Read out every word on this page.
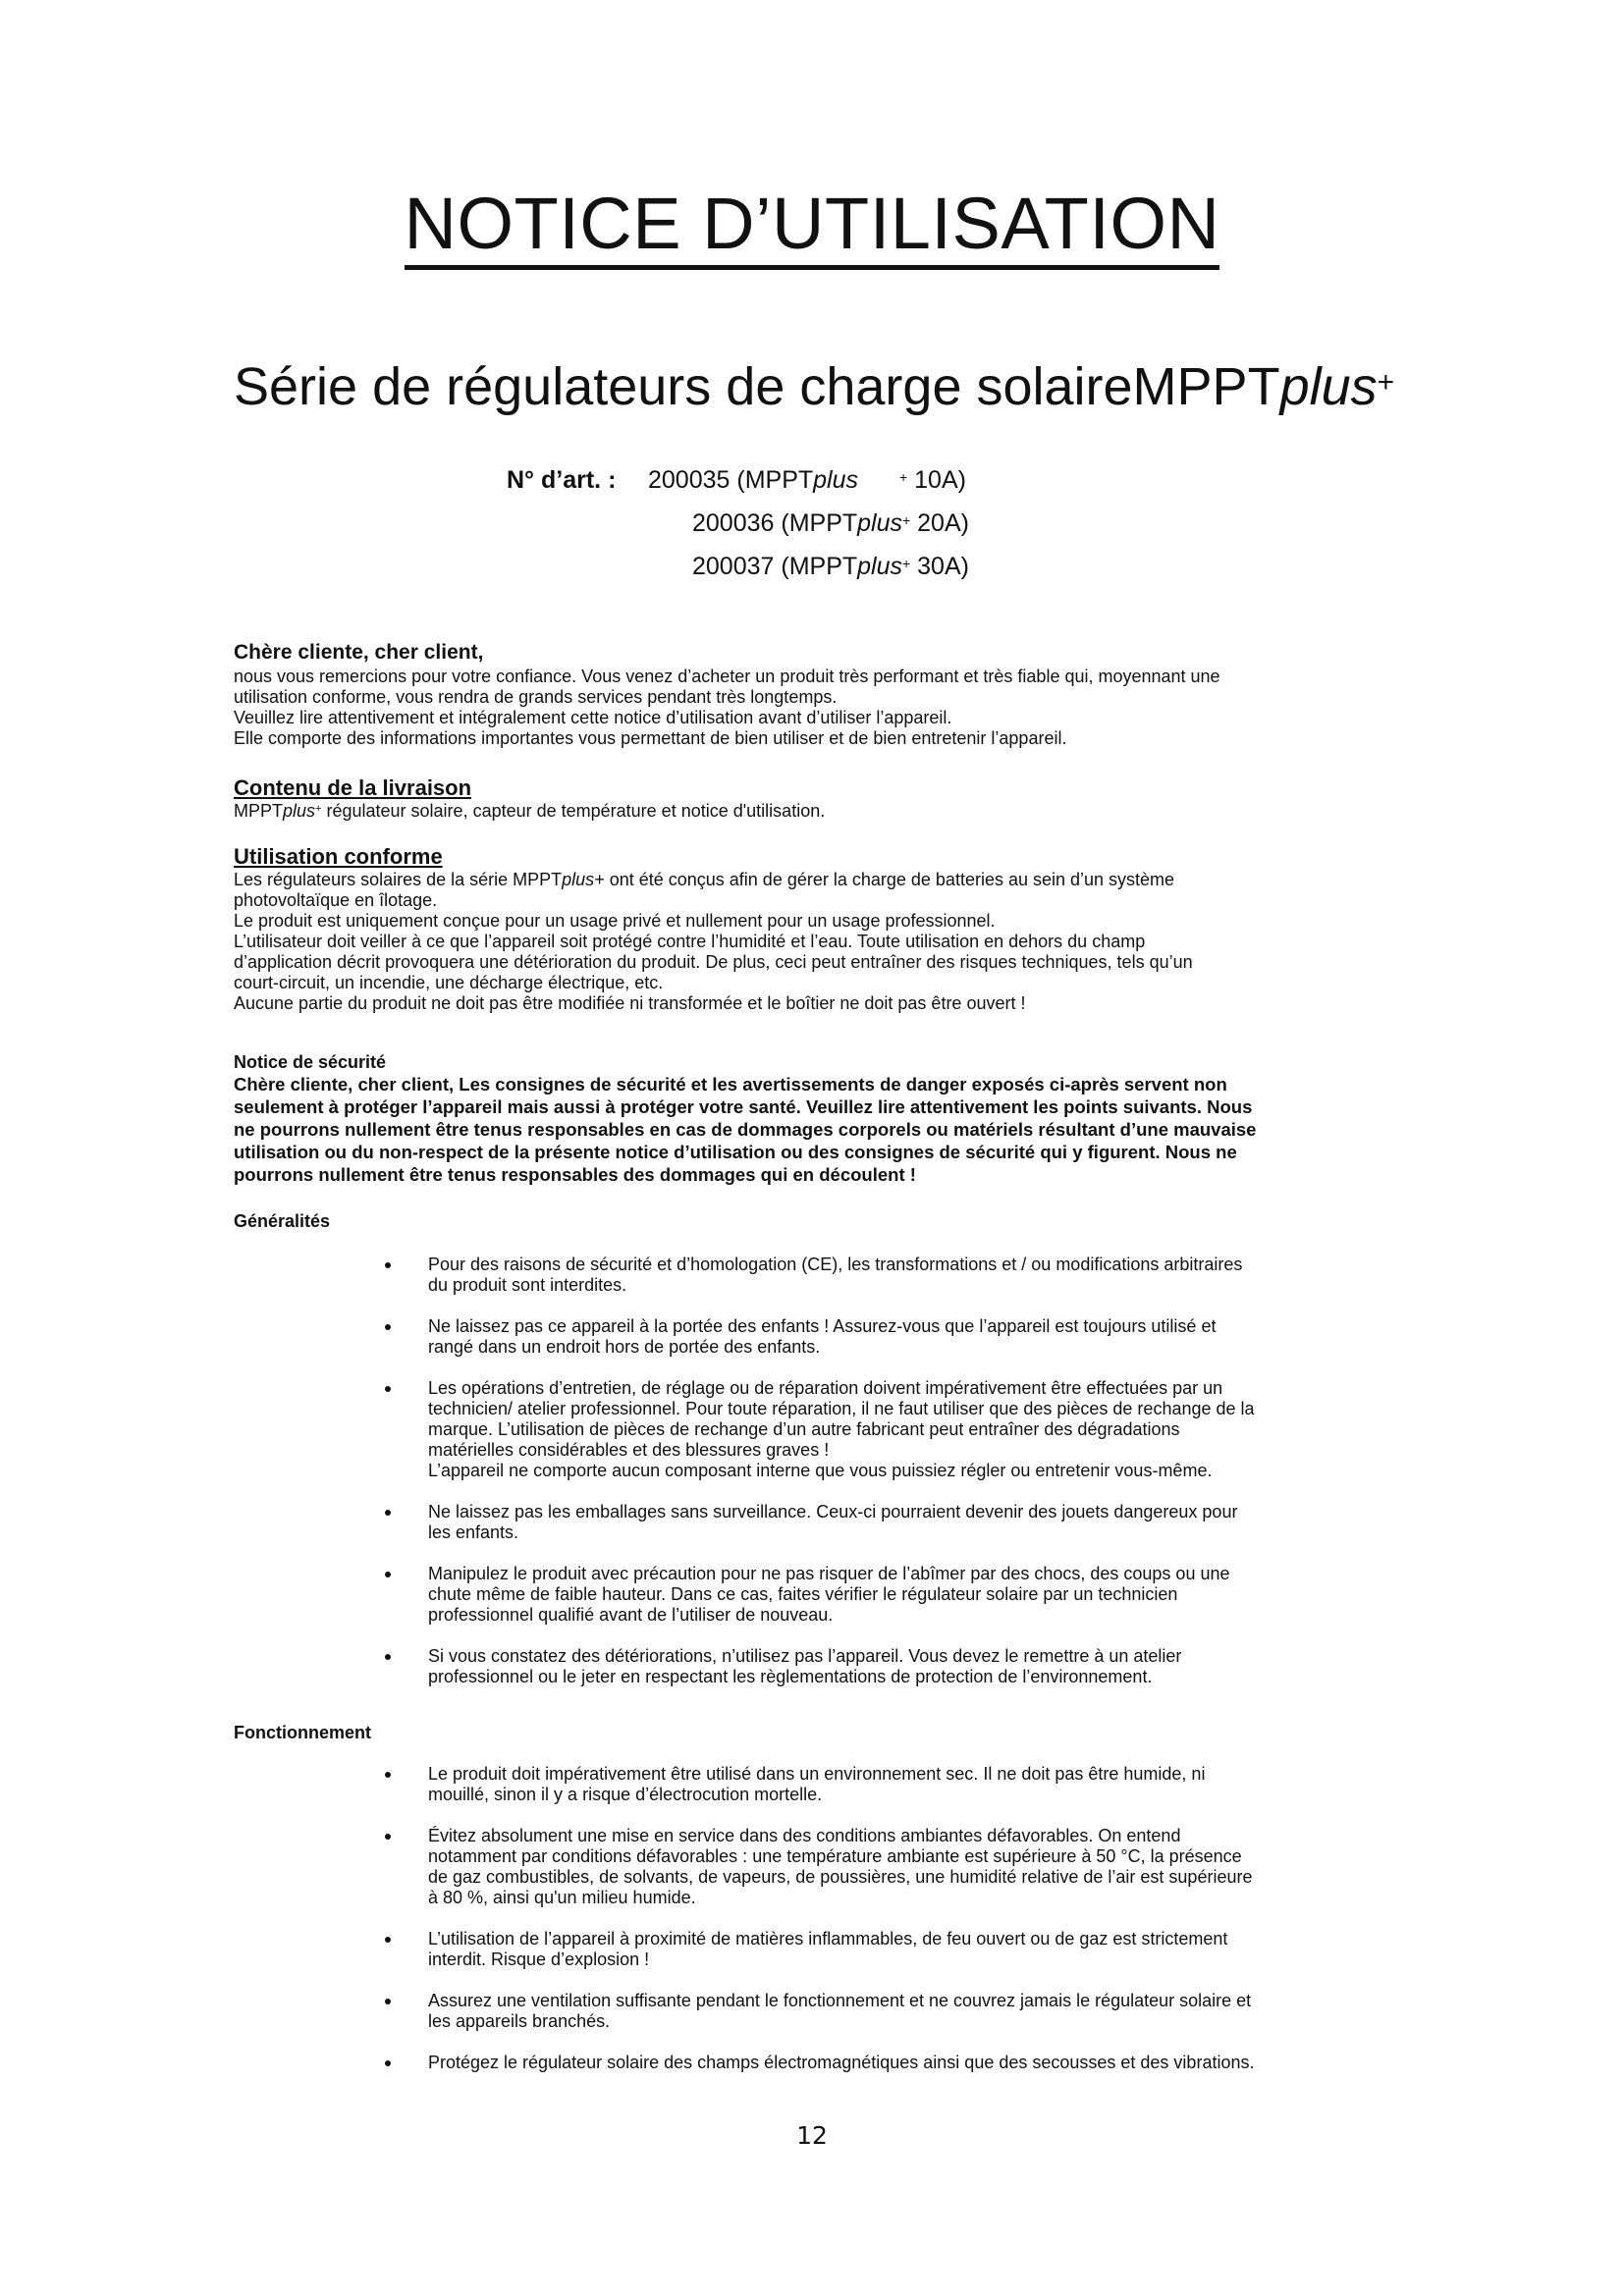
NOTICE D’UTILISATION
Série de régulateurs de charge solaireMPPTplus+
N° d’art. : 200035 (MPPTplus	+ 10A)
200036 (MPPTplus+ 20A)
200037 (MPPTplus+ 30A)

Chère cliente, cher client,

nous vous remercions pour votre confiance. Vous venez d’acheter un produit très performant et très fiable qui, moyennant une

utilisation conforme, vous rendra de grands services pendant très longtemps.

Veuillez lire attentivement et intégralement cette notice d’utilisation avant d’utiliser l’appareil.

Elle comporte des informations importantes vous permettant de bien utiliser et de bien entretenir l’appareil.

Contenu de la livraison

MPPTplus+ régulateur solaire, capteur de température et notice d'utilisation.

Utilisation conforme

Les régulateurs solaires de la série MPPTplus+ ont été conçus afin de gérer la charge de batteries au sein d’un système

photovoltaïque en îlotage.

Le produit est uniquement conçue pour un usage privé et nullement pour un usage professionnel.

L’utilisateur doit veiller à ce que l’appareil soit protégé contre l’humidité et l’eau. Toute utilisation en dehors du champ

d’application décrit provoquera une détérioration du produit. De plus, ceci peut entraîner des risques techniques, tels qu’un

court-circuit, un incendie, une décharge électrique, etc.

Aucune partie du produit ne doit pas être modifiée ni transformée et le boîtier ne doit pas être ouvert !

Notice de sécurité

Chère cliente, cher client, Les consignes de sécurité et les avertissements de danger exposés ci-après servent non

seulement à protéger l’appareil mais aussi à protéger votre santé. Veuillez lire attentivement les points suivants. Nous

ne pourrons nullement être tenus responsables en cas de dommages corporels ou matériels résultant d’une mauvaise

utilisation ou du non-respect de la présente notice d’utilisation ou des consignes de sécurité qui y figurent. Nous ne

pourrons nullement être tenus responsables des dommages qui en découlent !

Généralités
Pour des raisons de sécurité et d’homologation (CE), les transformations et / ou modifications arbitraires
du produit sont interdites.
Ne laissez pas ce appareil à la portée des enfants ! Assurez-vous que l’appareil est toujours utilisé et
rangé dans un endroit hors de portée des enfants.
Les opérations d’entretien, de réglage ou de réparation doivent impérativement être effectuées par un
technicien/ atelier professionnel. Pour toute réparation, il ne faut utiliser que des pièces de rechange de la
marque. L’utilisation de pièces de rechange d’un autre fabricant peut entraîner des dégradations
matérielles considérables et des blessures graves !
L’appareil ne comporte aucun composant interne que vous puissiez régler ou entretenir vous-même.
Ne laissez pas les emballages sans surveillance. Ceux-ci pourraient devenir des jouets dangereux pour
les enfants.
Manipulez le produit avec précaution pour ne pas risquer de l’abîmer par des chocs, des coups ou une
chute même de faible hauteur. Dans ce cas, faites vérifier le régulateur solaire par un technicien
professionnel qualifié avant de l’utiliser de nouveau.
Si vous constatez des détériorations, n’utilisez pas l’appareil. Vous devez le remettre à un atelier
professionnel ou le jeter en respectant les règlementations de protection de l’environnement.
Fonctionnement
Le produit doit impérativement être utilisé dans un environnement sec. Il ne doit pas être humide, ni
mouillé, sinon il y a risque d’électrocution mortelle.
Évitez absolument une mise en service dans des conditions ambiantes défavorables. On entend
notamment par conditions défavorables : une température ambiante est supérieure à 50 °C, la présence
de gaz combustibles, de solvants, de vapeurs, de poussières, une humidité relative de l’air est supérieure
à 80 %, ainsi qu'un milieu humide.
L’utilisation de l’appareil à proximité de matières inflammables, de feu ouvert ou de gaz est strictement
interdit. Risque d’explosion !
Assurez une ventilation suffisante pendant le fonctionnement et ne couvrez jamais le régulateur solaire et
les appareils branchés.
Protégez le régulateur solaire des champs électromagnétiques ainsi que des secousses et des vibrations.
12
